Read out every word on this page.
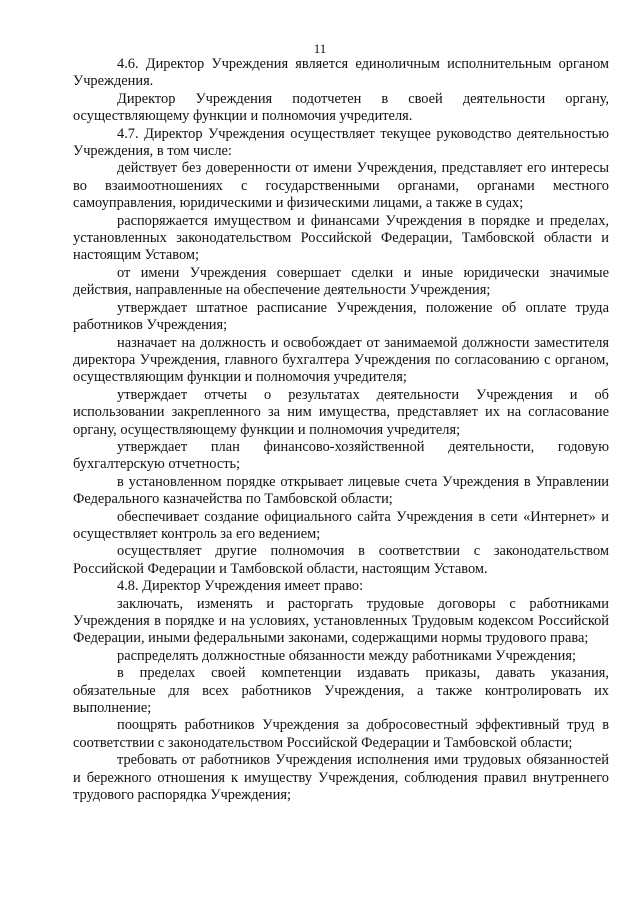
11

4.6. Директор Учреждения является единоличным исполнительным органом Учреждения.

Директор Учреждения подотчетен в своей деятельности органу, осуществляющему функции и полномочия учредителя.

4.7. Директор Учреждения осуществляет текущее руководство деятельностью Учреждения, в том числе:

действует без доверенности от имени Учреждения, представляет его интересы во взаимоотношениях с государственными органами, органами местного самоуправления, юридическими и физическими лицами, а также в судах;

распоряжается имуществом и финансами Учреждения в порядке и пределах, установленных законодательством Российской Федерации, Тамбовской области и настоящим Уставом;

от имени Учреждения совершает сделки и иные юридически значимые действия, направленные на обеспечение деятельности Учреждения;

утверждает штатное расписание Учреждения, положение об оплате труда работников Учреждения;

назначает на должность и освобождает от занимаемой должности заместителя директора Учреждения, главного бухгалтера Учреждения по согласованию с органом, осуществляющим функции и полномочия учредителя;

утверждает отчеты о результатах деятельности Учреждения и об использовании закрепленного за ним имущества, представляет их на согласование органу, осуществляющему функции и полномочия учредителя;

утверждает план финансово-хозяйственной деятельности, годовую бухгалтерскую отчетность;

в установленном порядке открывает лицевые счета Учреждения в Управлении Федерального казначейства по Тамбовской области;

обеспечивает создание официального сайта Учреждения в сети «Интернет» и осуществляет контроль за его ведением;

осуществляет другие полномочия в соответствии с законодательством Российской Федерации и Тамбовской области, настоящим Уставом.

4.8. Директор Учреждения имеет право:

заключать, изменять и расторгать трудовые договоры с работниками Учреждения в порядке и на условиях, установленных Трудовым кодексом Российской Федерации, иными федеральными законами, содержащими нормы трудового права;

распределять должностные обязанности между работниками Учреждения;

в пределах своей компетенции издавать приказы, давать указания, обязательные для всех работников Учреждения, а также контролировать их выполнение;

поощрять работников Учреждения за добросовестный эффективный труд в соответствии с законодательством Российской Федерации и Тамбовской области;

требовать от работников Учреждения исполнения ими трудовых обязанностей и бережного отношения к имуществу Учреждения, соблюдения правил внутреннего трудового распорядка Учреждения;
